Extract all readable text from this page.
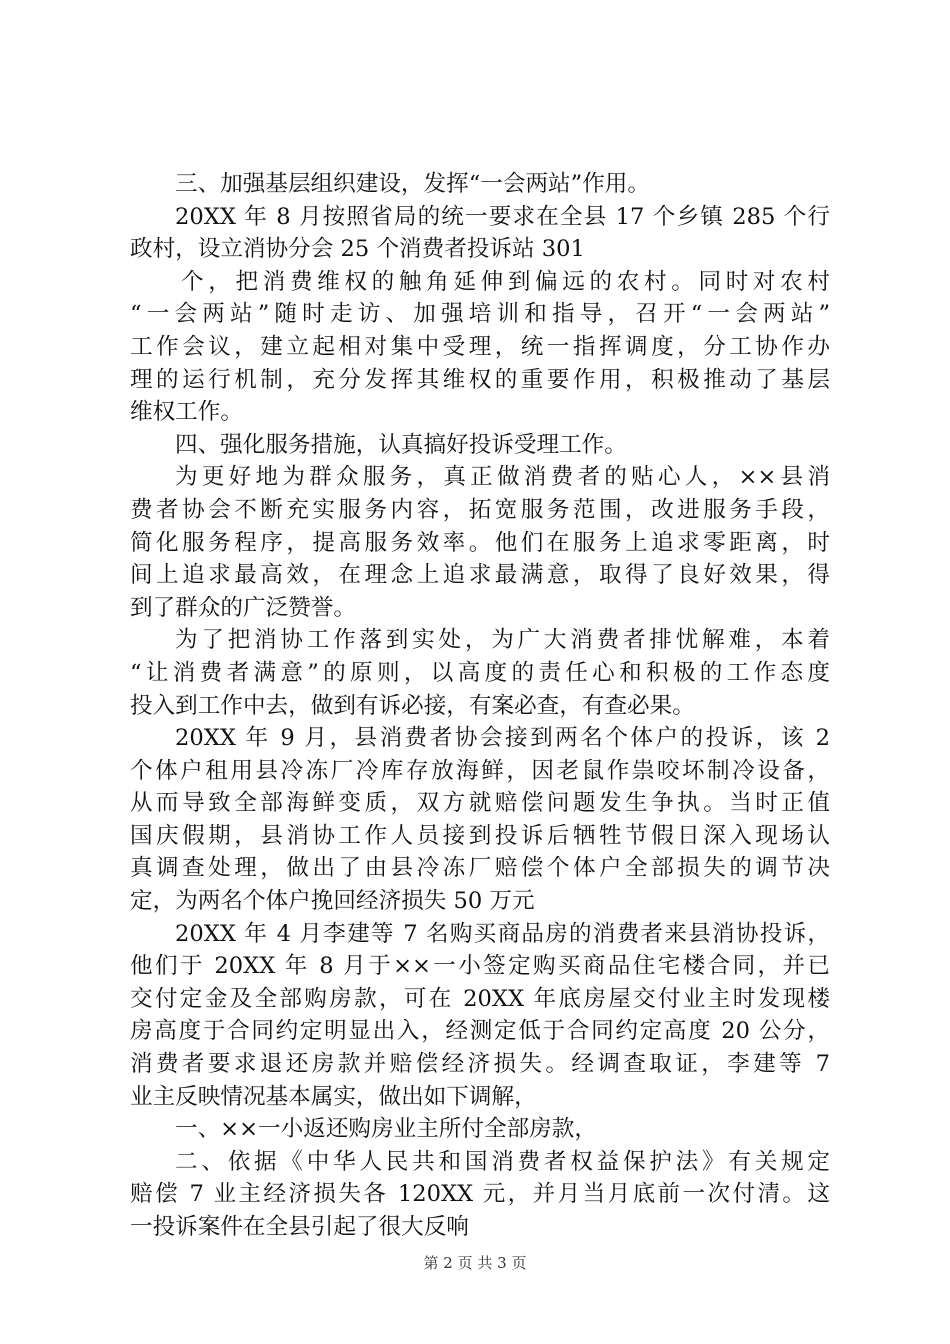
三、加强基层组织建设，发挥“一会两站”作用。
20XX 年 8 月按照省局的统一要求在全县 17 个乡镇 285 个行
政村，设立消协分会 25 个消费者投诉站 301
个，把消费维权的触角延伸到偏远的农村。同时对农村
“一会两站”随时走访、加强培训和指导，召开“一会两站”
工作会议，建立起相对集中受理，统一指挥调度，分工协作办
理的运行机制，充分发挥其维权的重要作用，积极推动了基层
维权工作。
四、强化服务措施，认真搞好投诉受理工作。
为更好地为群众服务，真正做消费者的贴心人，××县消
费者协会不断充实服务内容，拓宽服务范围，改进服务手段，
简化服务程序，提高服务效率。他们在服务上追求零距离，时
间上追求最高效，在理念上追求最满意，取得了良好效果，得
到了群众的广泛赞誉。
为了把消协工作落到实处，为广大消费者排忧解难，本着
“让消费者满意”的原则，以高度的责任心和积极的工作态度
投入到工作中去，做到有诉必接，有案必查，有查必果。
20XX 年 9 月，县消费者协会接到两名个体户的投诉，该 2
个体户租用县冷冻厂冷库存放海鲜，因老鼠作祟咬坏制冷设备，
从而导致全部海鲜变质，双方就赔偿问题发生争执。当时正值
国庆假期，县消协工作人员接到投诉后牺牲节假日深入现场认
真调查处理，做出了由县冷冻厂赔偿个体户全部损失的调节决
定，为两名个体户挽回经济损失 50 万元
20XX 年 4 月李建等 7 名购买商品房的消费者来县消协投诉，
他们于 20XX 年 8 月于××一小签定购买商品住宅楼合同，并已
交付定金及全部购房款，可在 20XX 年底房屋交付业主时发现楼
房高度于合同约定明显出入，经测定低于合同约定高度 20 公分，
消费者要求退还房款并赔偿经济损失。经调查取证，李建等 7
业主反映情况基本属实，做出如下调解，
一、××一小返还购房业主所付全部房款，
二、依据《中华人民共和国消费者权益保护法》有关规定
赔偿 7 业主经济损失各 120XX 元，并月当月底前一次付清。这
一投诉案件在全县引起了很大反响
第 2 页 共 3 页
